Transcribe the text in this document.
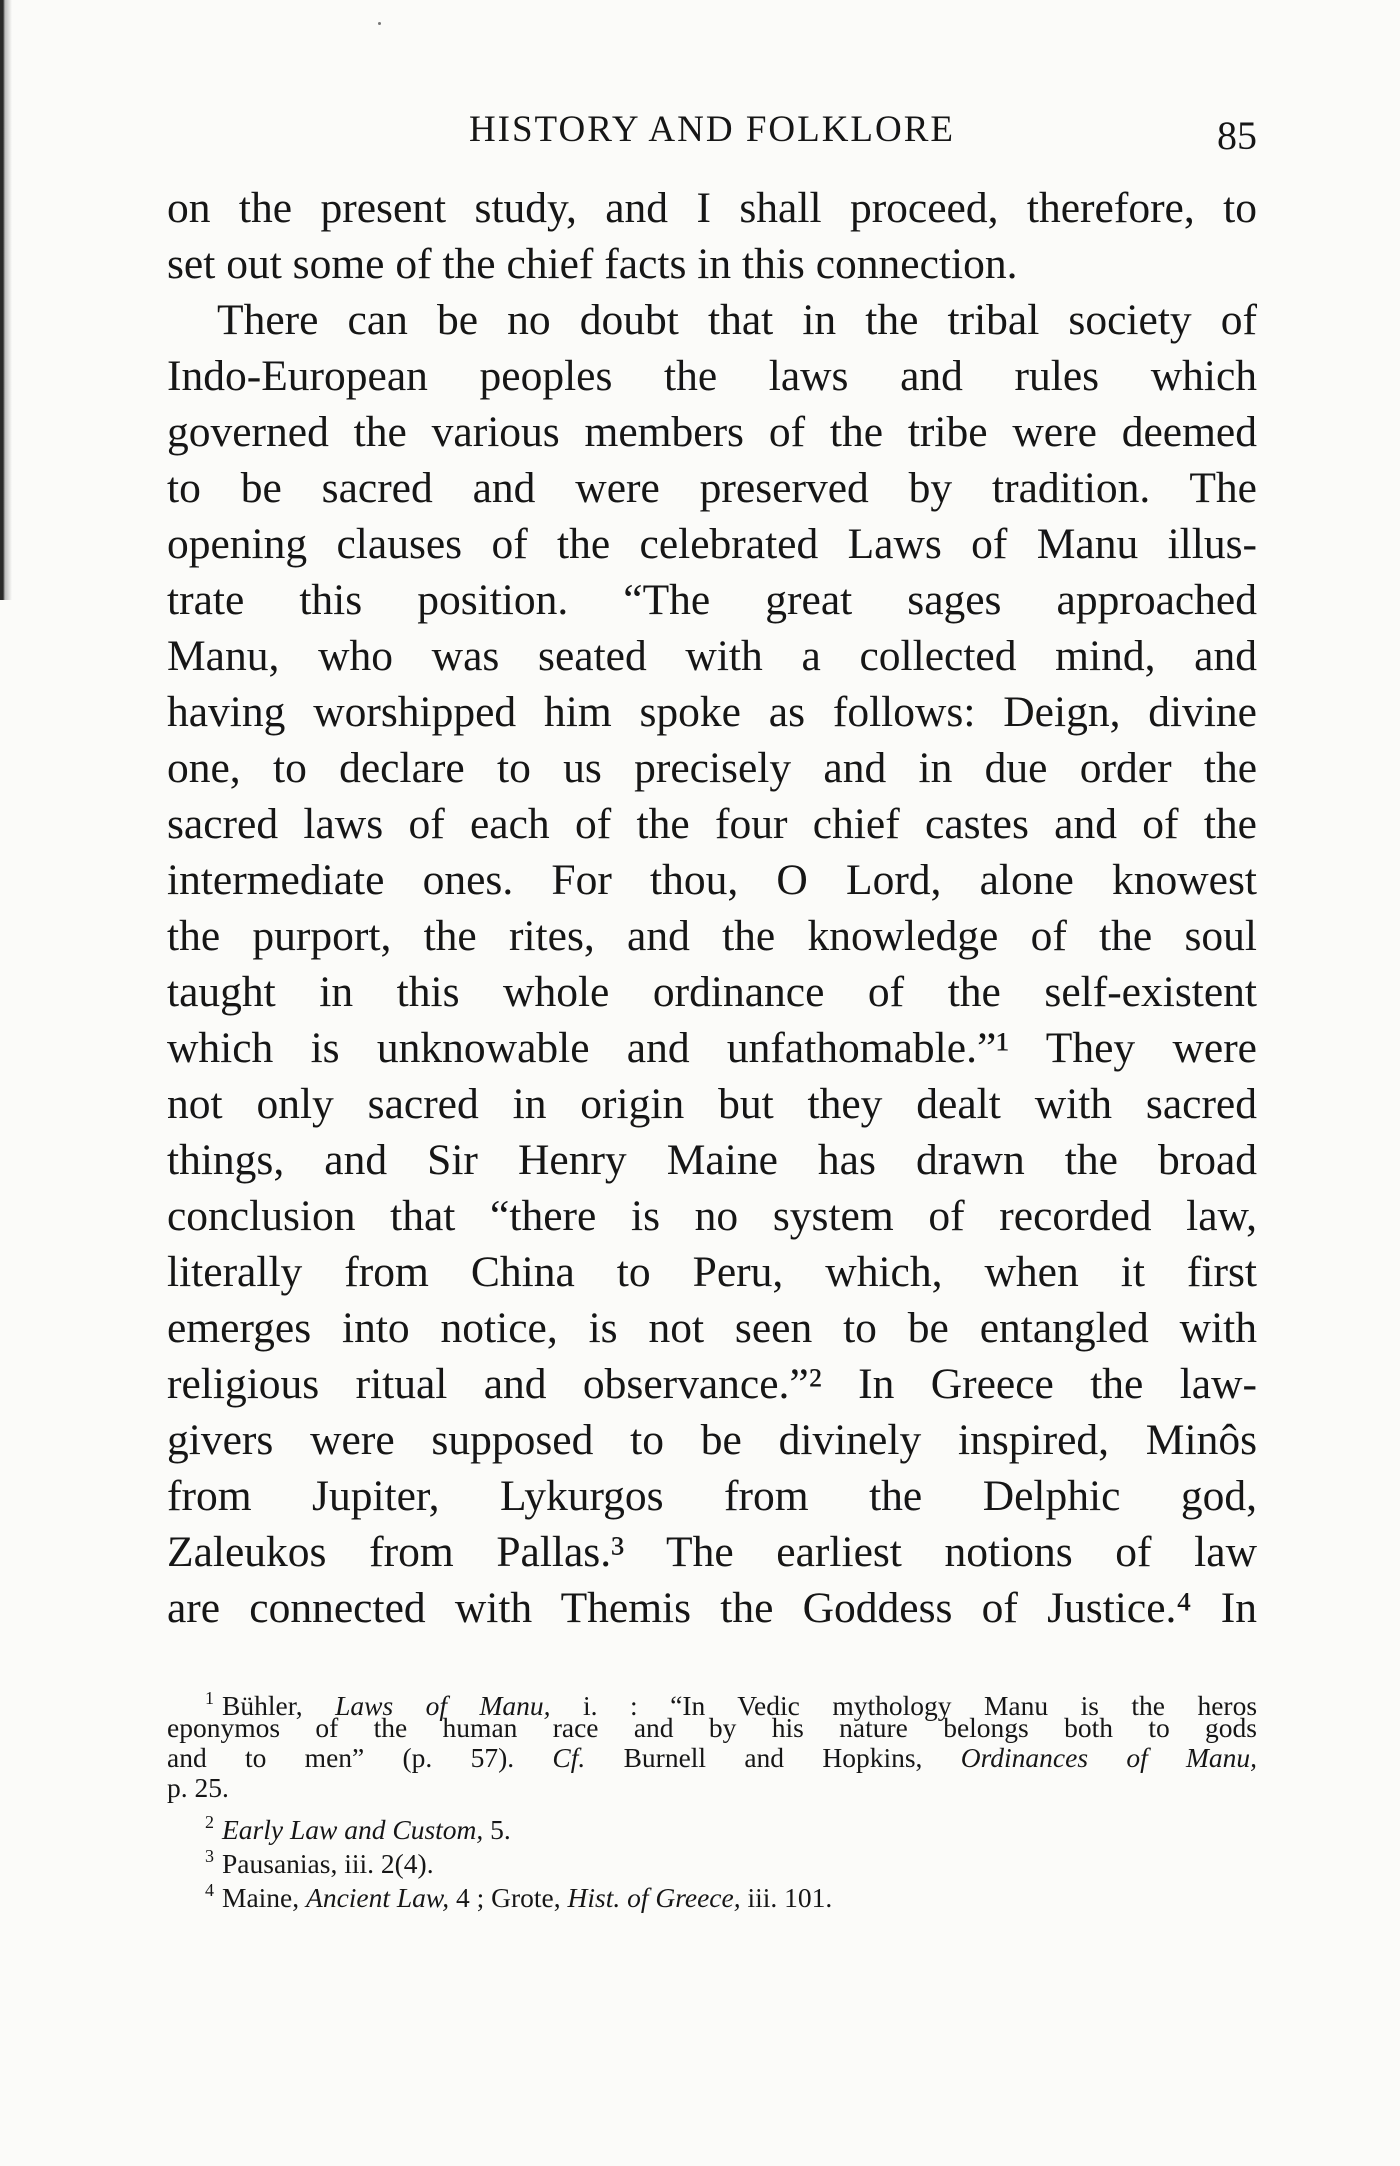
HISTORY AND FOLKLORE	85
on the present study, and I shall proceed, therefore, to
set out some of the chief facts in this connection.
There can be no doubt that in the tribal society of
Indo-European peoples the laws and rules which
governed the various members of the tribe were deemed
to be sacred and were preserved by tradition. The
opening clauses of the celebrated Laws of Manu illus-
trate this position. “The great sages approached
Manu, who was seated with a collected mind, and
having worshipped him spoke as follows: Deign, divine
one, to declare to us precisely and in due order the
sacred laws of each of the four chief castes and of the
intermediate ones. For thou, O Lord, alone knowest
the purport, the rites, and the knowledge of the soul
taught in this whole ordinance of the self-existent
which is unknowable and unfathomable.”¹ They were
not only sacred in origin but they dealt with sacred
things, and Sir Henry Maine has drawn the broad
conclusion that “there is no system of recorded law,
literally from China to Peru, which, when it first
emerges into notice, is not seen to be entangled with
religious ritual and observance.”² In Greece the law-
givers were supposed to be divinely inspired, Minôs
from Jupiter, Lykurgos from the Delphic god,
Zaleukos from Pallas.³ The earliest notions of law
are connected with Themis the Goddess of Justice.⁴ In
$^1$ Bühler, Laws of Manu, i. : “In Vedic mythology Manu is the heros
eponymos of the human race and by his nature belongs both to gods
and to men” (p. 57). Cf. Burnell and Hopkins, Ordinances of Manu,
p. 25.
$^2$ Early Law and Custom, 5.
$^3$ Pausanias, iii. 2(4).
$^4$ Maine, Ancient Law, 4 ; Grote, Hist. of Greece, iii. 101.
